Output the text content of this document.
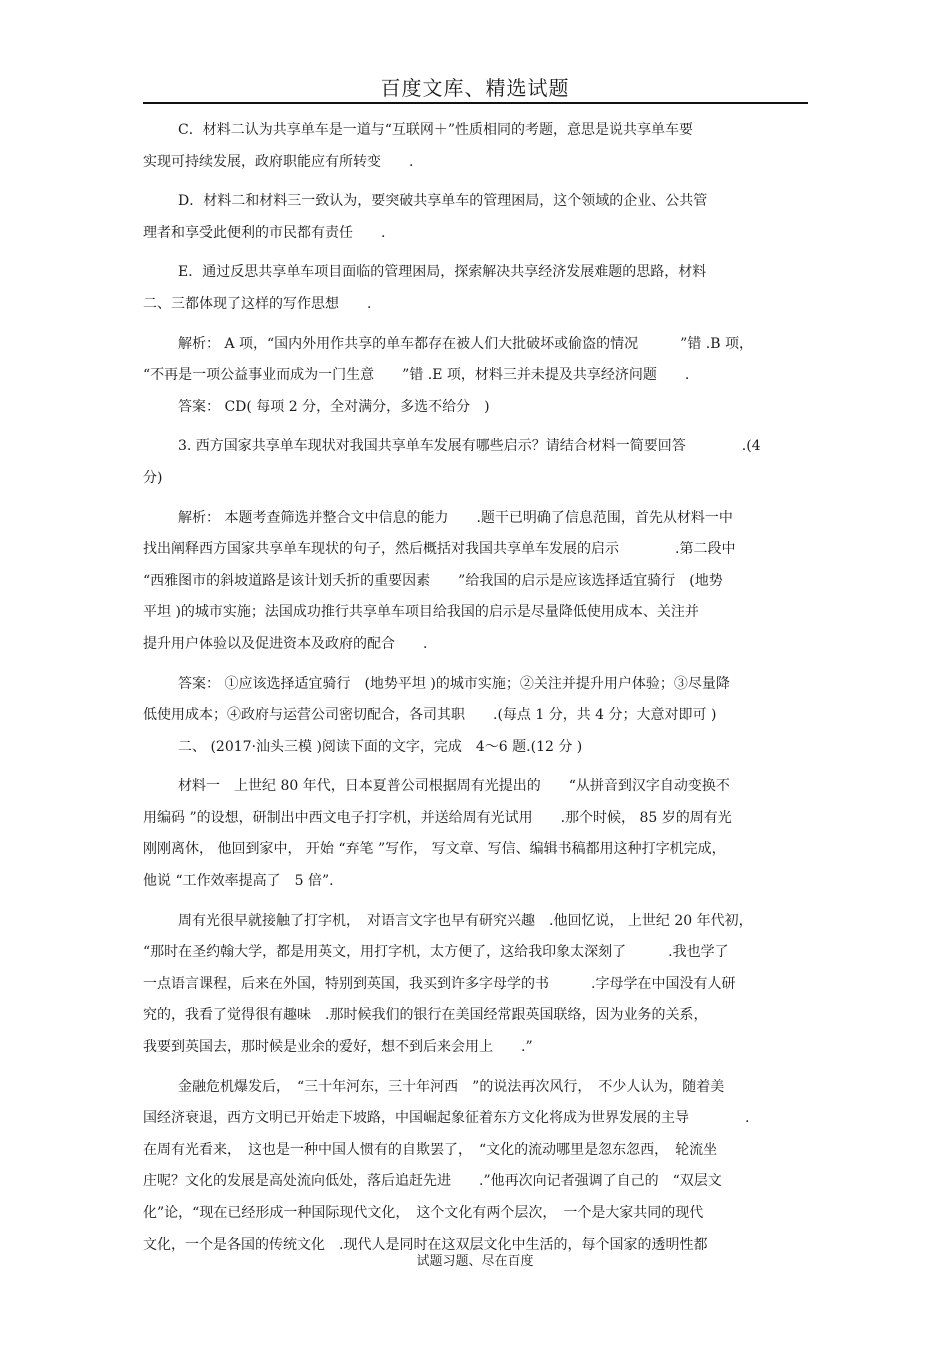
百度文库、精选试题
C．材料二认为共享单车是一道与“互联网＋”性质相同的考题，意思是说共享单车要
实现可持续发展，政府职能应有所转变　　.
D．材料二和材料三一致认为，要突破共享单车的管理困局，这个领域的企业、公共管
理者和享受此便利的市民都有责任　　.
E．通过反思共享单车项目面临的管理困局，探索解决共享经济发展难题的思路，材料
二、三都体现了这样的写作思想　　.
解析： A 项，“国内外用作共享的单车都存在被人们大批破坏或偷盗的情况　　　”错 .B 项，
“不再是一项公益事业而成为一门生意　　”错 .E 项，材料三并未提及共享经济问题　　.
答案： CD( 每项 2 分，全对满分，多选不给分　)
3. 西方国家共享单车现状对我国共享单车发展有哪些启示？请结合材料一简要回答　　　　.(4
分)
解析： 本题考查筛选并整合文中信息的能力　　.题干已明确了信息范围，首先从材料一中
找出阐释西方国家共享单车现状的句子，然后概括对我国共享单车发展的启示　　　　.第二段中
“西雅图市的斜坡道路是该计划夭折的重要因素　　”给我国的启示是应该选择适宜骑行　(地势
平坦 )的城市实施；法国成功推行共享单车项目给我国的启示是尽量降低使用成本、关注并
提升用户体验以及促进资本及政府的配合　　.
答案： ①应该选择适宜骑行　(地势平坦 )的城市实施；②关注并提升用户体验；③尽量降
低使用成本；④政府与运营公司密切配合，各司其职　　.(每点 1 分，共 4 分；大意对即可 )
二、 (2017·汕头三模 )阅读下面的文字，完成　4～6 题.(12 分 )
材料一　上世纪 80 年代，日本夏普公司根据周有光提出的　　“从拼音到汉字自动变换不
用编码 ”的设想，研制出中西文电子打字机，并送给周有光试用　　.那个时候， 85 岁的周有光
刚刚离休， 他回到家中， 开始 “弃笔 ”写作， 写文章、写信、编辑书稿都用这种打字机完成，
他说 “工作效率提高了　5 倍”.
周有光很早就接触了打字机，　对语言文字也早有研究兴趣　.他回忆说， 上世纪 20 年代初，
“那时在圣约翰大学，都是用英文，用打字机，太方便了，这给我印象太深刻了　　　.我也学了
一点语言课程，后来在外国，特别到英国，我买到许多字母学的书　　　.字母学在中国没有人研
究的，我看了觉得很有趣味　.那时候我们的银行在美国经常跟英国联络，因为业务的关系，
我要到英国去，那时候是业余的爱好，想不到后来会用上　　.”
金融危机爆发后，　“三十年河东，三十年河西　”的说法再次风行，　不少人认为，随着美
国经济衰退，西方文明已开始走下坡路，中国崛起象征着东方文化将成为世界发展的主导　　　　.
在周有光看来，　这也是一种中国人惯有的自欺罢了，　“文化的流动哪里是忽东忽西，　轮流坐
庄呢？文化的发展是高处流向低处，落后追赶先进　　.”他再次向记者强调了自己的　“双层文
化”论，“现在已经形成一种国际现代文化，　这个文化有两个层次，　一个是大家共同的现代
文化，一个是各国的传统文化　.现代人是同时在这双层文化中生活的，每个国家的透明性都
试题习题、尽在百度
